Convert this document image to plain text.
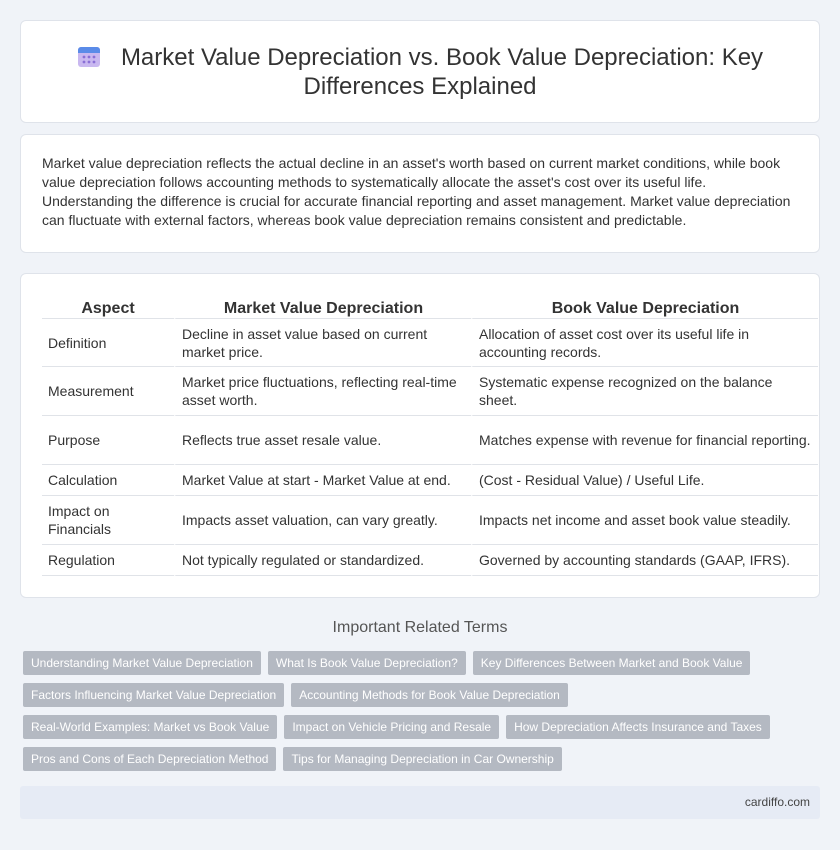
Market Value Depreciation vs. Book Value Depreciation: Key Differences Explained

Market value depreciation reflects the actual decline in an asset's worth based on current market conditions, while book value depreciation follows accounting methods to systematically allocate the asset's cost over its useful life. Understanding the difference is crucial for accurate financial reporting and asset management. Market value depreciation can fluctuate with external factors, whereas book value depreciation remains consistent and predictable.

Aspect	Market Value Depreciation	Book Value Depreciation
Definition	Decline in asset value based on current market price.	Allocation of asset cost over its useful life in accounting records.
Measurement	Market price fluctuations, reflecting real-time asset worth.	Systematic expense recognized on the balance sheet.
Purpose	Reflects true asset resale value.	Matches expense with revenue for financial reporting.
Calculation	Market Value at start - Market Value at end.	(Cost - Residual Value) / Useful Life.
Impact on Financials	Impacts asset valuation, can vary greatly.	Impacts net income and asset book value steadily.
Regulation	Not typically regulated or standardized.	Governed by accounting standards (GAAP, IFRS).
Important Related Terms
Understanding Market Value Depreciation	What Is Book Value Depreciation?	Key Differences Between Market and Book Value
Factors Influencing Market Value Depreciation	Accounting Methods for Book Value Depreciation
Real-World Examples: Market vs Book Value	Impact on Vehicle Pricing and Resale	How Depreciation Affects Insurance and Taxes
Pros and Cons of Each Depreciation Method	Tips for Managing Depreciation in Car Ownership
cardiffo.com
